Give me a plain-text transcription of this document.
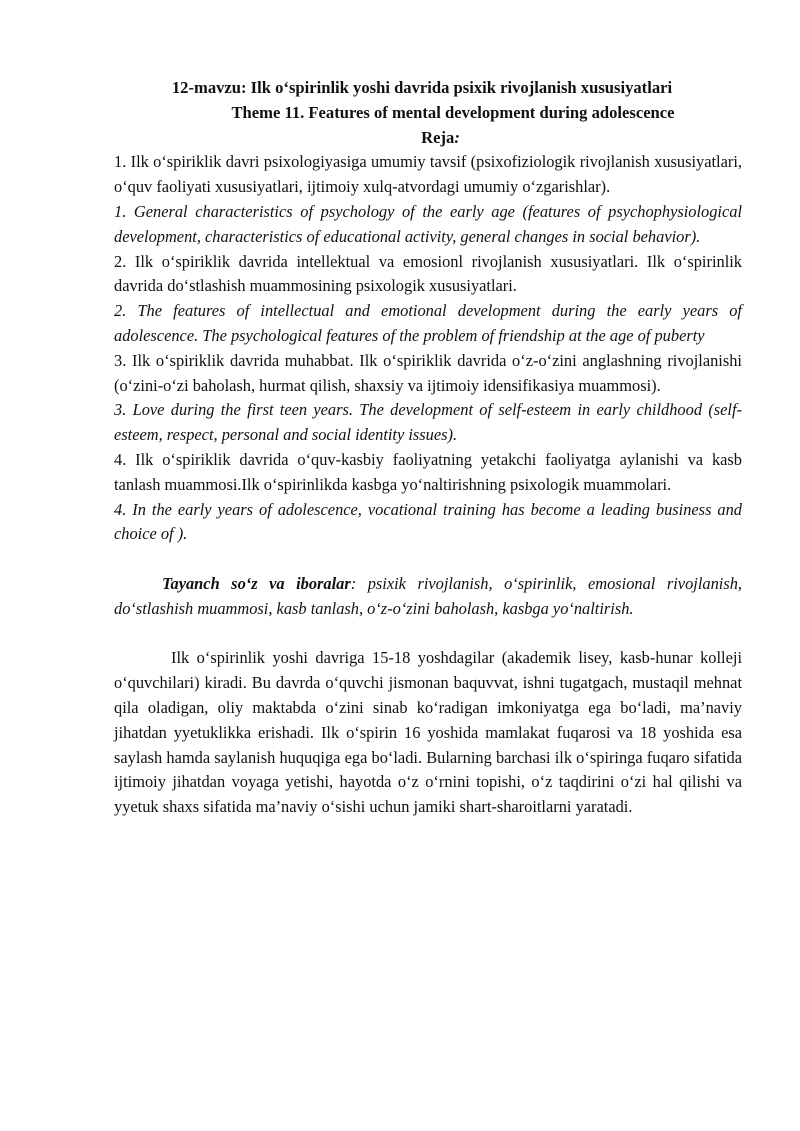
12-mavzu: Ilk o‘spirinlik yoshi davrida psixik rivojlanish xususiyatlari

Theme 11. Features of mental development during adolescence

Reja:

1. Ilk o‘spiriklik davri psixologiyasiga umumiy tavsif (psixofiziologik rivojlanish xususiyatlari, o‘quv faoliyati xususiyatlari, ijtimoiy xulq-atvordagi umumiy o‘zgarishlar).

1. General characteristics of psychology of the early age (features of psychophysiological development, characteristics of educational activity, general changes in social behavior).

2. Ilk o‘spiriklik davrida intellektual va emosionl rivojlanish xususiyatlari. Ilk o‘spirinlik davrida do‘stlashish muammosining psixologik xususiyatlari.

2. The features of intellectual and emotional development during the early years of adolescence. The psychological features of the problem of friendship at the age of puberty

3. Ilk o‘spiriklik davrida muhabbat. Ilk o‘spiriklik davrida o‘z-o‘zini anglashning rivojlanishi (o‘zini-o‘zi baholash, hurmat qilish, shaxsiy va ijtimoiy idensifikasiya muammosi).

3. Love during the first teen years. The development of self-esteem in early childhood (self-esteem, respect, personal and social identity issues).

4. Ilk o‘spiriklik davrida o‘quv-kasbiy faoliyatning yetakchi faoliyatga aylanishi va kasb tanlash muammosi.Ilk o‘spirinlikda kasbga yo‘naltirishning psixologik muammolari.

4. In the early years of adolescence, vocational training has become a leading business and choice of ).

Tayanch so‘z va iboralar: psixik rivojlanish, o‘spirinlik, emosional rivojlanish, do‘stlashish muammosi, kasb tanlash, o‘z-o‘zini baholash, kasbga yo‘naltirish.

Ilk o‘spirinlik yoshi davriga 15-18 yoshdagilar (akademik lisey, kasb-hunar kolleji o‘quvchilari) kiradi. Bu davrda o‘quvchi jismonan baquvvat, ishni tugatgach, mustaqil mehnat qila oladigan, oliy maktabda o‘zini sinab ko‘radigan imkoniyatga ega bo‘ladi, ma’naviy jihatdan yyetuklikka erishadi. Ilk o‘spirin 16 yoshida mamlakat fuqarosi va 18 yoshida esa saylash hamda saylanish huquqiga ega bo‘ladi. Bularning barchasi ilk o‘spiringa fuqaro sifatida ijtimoiy jihatdan voyaga yetishi, hayotda o‘z o‘rnini topishi, o‘z taqdirini o‘zi hal qilishi va yyetuk shaxs sifatida ma’naviy o‘sishi uchun jamiki shart-sharoitlarni yaratadi.
